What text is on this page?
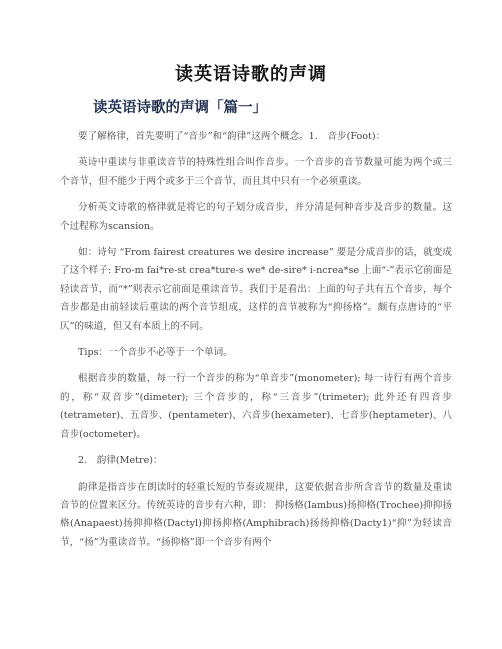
读英语诗歌的声调
读英语诗歌的声调「篇一」

要了解格律，首先要明了“音步”和“韵律”这两个概念。1.　音步(Foot)：

英诗中重读与非重读音节的特殊性组合叫作音步。一个音步的音节数量可能为两个或三个音节，但不能少于两个或多于三个音节，而且其中只有一个必须重读。

分析英文诗歌的格律就是将它的句子划分成音步，并分清是何种音步及音步的数量。这个过程称为scansion。

如：诗句 “From fairest creatures we desire increase” 要是分成音步的话，就变成了这个样子: Fro-m fai*re-st crea*ture-s we* de-sire* i-ncrea*se 上面“-”表示它前面是轻读音节，而“*”则表示它前面是重读音节。我们于是看出：上面的句子共有五个音步，每个音步都是由前轻读后重读的两个音节组成，这样的音节被称为“抑扬格”。颇有点唐诗的“平仄”的味道，但又有本质上的不同。

Tips：一个音步不必等于一个单词。

根据音步的数量，每一行一个音步的称为“单音步”(monometer); 每一诗行有两个音步的，称“双音步”(dimeter); 三个音步的，称“三音步”(trimeter); 此外还有四音步(tetrameter)、五音步、(pentameter)、六音步(hexameter)、七音步(heptameter)、八音步(octometer)。

2.　韵律(Metre)：

韵律是指音步在朗读时的轻重长短的节奏或规律，这要依据音步所含音节的数量及重读音节的位置来区分。传统英诗的音步有六种，即： 抑扬格(Iambus)扬抑格(Trochee)抑抑扬格(Anapaest)扬抑抑格(Dactyl)抑扬抑格(Amphibrach)扬扬抑格(Dacty1)“抑”为轻读音节，“扬”为重读音节。“扬抑格”即一个音步有两个
